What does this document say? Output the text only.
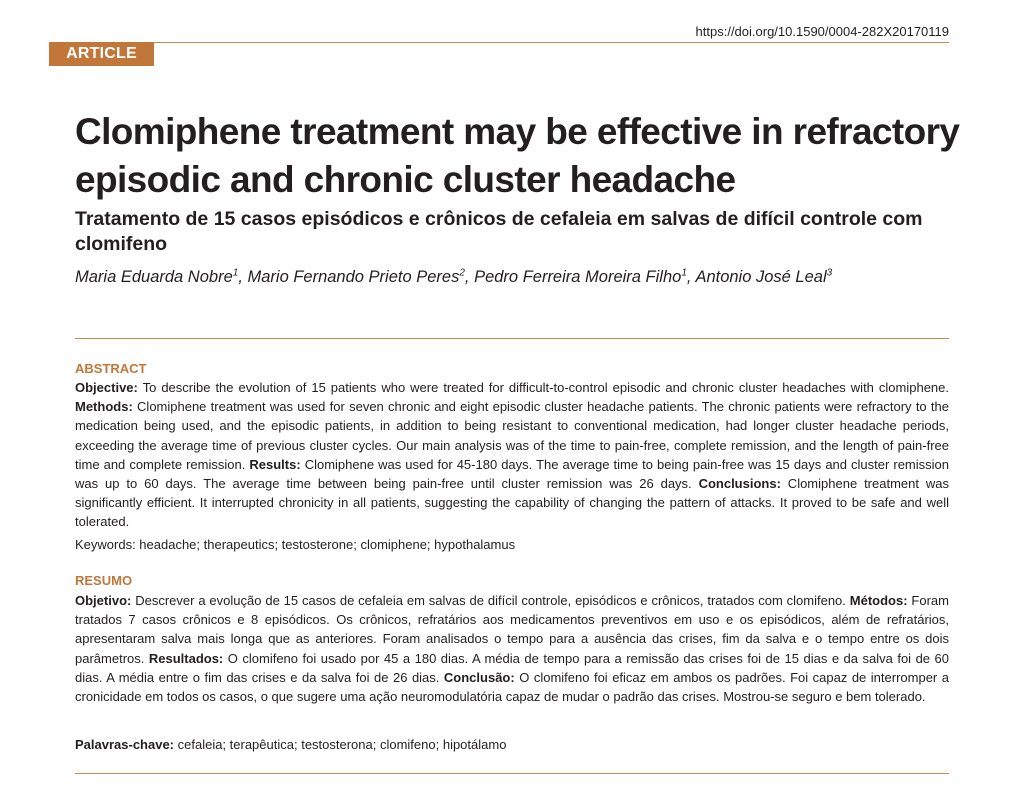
https://doi.org/10.1590/0004-282X20170119
ARTICLE
Clomiphene treatment may be effective in refractory episodic and chronic cluster headache
Tratamento de 15 casos episódicos e crônicos de cefaleia em salvas de difícil controle com clomifeno
Maria Eduarda Nobre$^1$, Mario Fernando Prieto Peres$^2$, Pedro Ferreira Moreira Filho$^1$, Antonio José Leal$^3$
ABSTRACT

Objective: To describe the evolution of 15 patients who were treated for difficult-to-control episodic and chronic cluster headaches with clomiphene. Methods: Clomiphene treatment was used for seven chronic and eight episodic cluster headache patients. The chronic patients were refractory to the medication being used, and the episodic patients, in addition to being resistant to conventional medication, had longer cluster headache periods, exceeding the average time of previous cluster cycles. Our main analysis was of the time to pain-free, complete remission, and the length of pain-free time and complete remission. Results: Clomiphene was used for 45-180 days. The average time to being pain-free was 15 days and cluster remission was up to 60 days. The average time between being pain-free until cluster remission was 26 days. Conclusions: Clomiphene treatment was significantly efficient. It interrupted chronicity in all patients, suggesting the capability of changing the pattern of attacks. It proved to be safe and well tolerated.

Keywords: headache; therapeutics; testosterone; clomiphene; hypothalamus

RESUMO

Objetivo: Descrever a evolução de 15 casos de cefaleia em salvas de difícil controle, episódicos e crônicos, tratados com clomifeno. Métodos: Foram tratados 7 casos crônicos e 8 episódicos. Os crônicos, refratários aos medicamentos preventivos em uso e os episódicos, além de refratários, apresentaram salva mais longa que as anteriores. Foram analisados o tempo para a ausência das crises, fim da salva e o tempo entre os dois parâmetros. Resultados: O clomifeno foi usado por 45 a 180 dias. A média de tempo para a remissão das crises foi de 15 dias e da salva foi de 60 dias. A média entre o fim das crises e da salva foi de 26 dias. Conclusão: O clomifeno foi eficaz em ambos os padrões. Foi capaz de interromper a cronicidade em todos os casos, o que sugere uma ação neuromodulatória capaz de mudar o padrão das crises. Mostrou-se seguro e bem tolerado.

Palavras-chave: cefaleia; terapêutica; testosterona; clomifeno; hipotálamo
